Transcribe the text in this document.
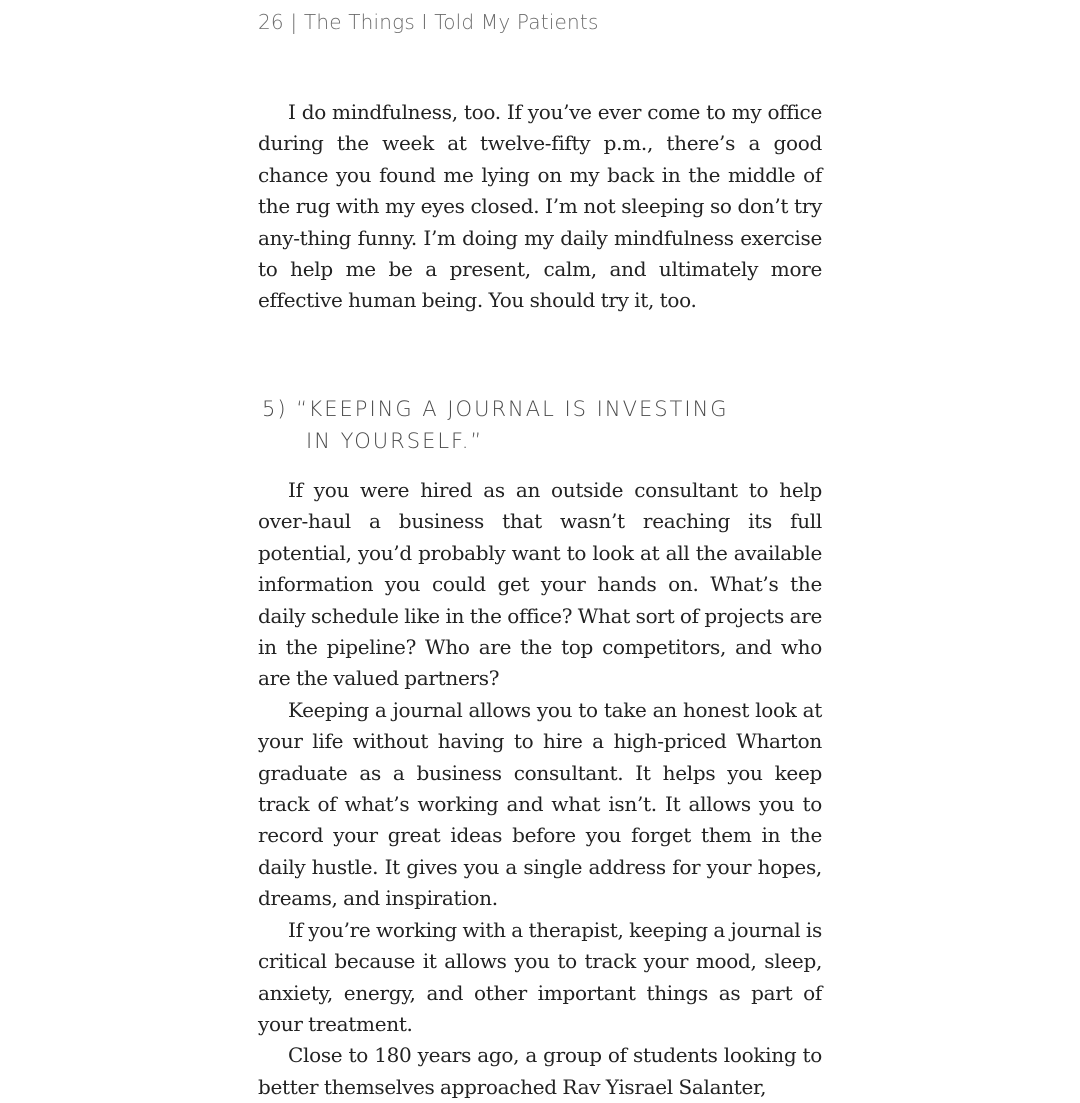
26 | The Things I Told My Patients

I do mindfulness, too. If you’ve ever come to my office during the week at twelve-fifty p.m., there’s a good chance you found me lying on my back in the middle of the rug with my eyes closed. I’m not sleeping so don’t try any-thing funny. I’m doing my daily mindfulness exercise to help me be a present, calm, and ultimately more effective human being. You should try it, too.

5) “KEEPING A JOURNAL IS INVESTING
IN YOURSELF.”

If you were hired as an outside consultant to help over-haul a business that wasn’t reaching its full potential, you’d probably want to look at all the available information you could get your hands on. What’s the daily schedule like in the office? What sort of projects are in the pipeline? Who are the top competitors, and who are the valued partners?

Keeping a journal allows you to take an honest look at your life without having to hire a high-priced Wharton graduate as a business consultant. It helps you keep track of what’s working and what isn’t. It allows you to record your great ideas before you forget them in the daily hustle. It gives you a single address for your hopes, dreams, and inspiration.

If you’re working with a therapist, keeping a journal is critical because it allows you to track your mood, sleep, anxiety, energy, and other important things as part of your treatment.

Close to 180 years ago, a group of students looking to better themselves approached Rav Yisrael Salanter,
